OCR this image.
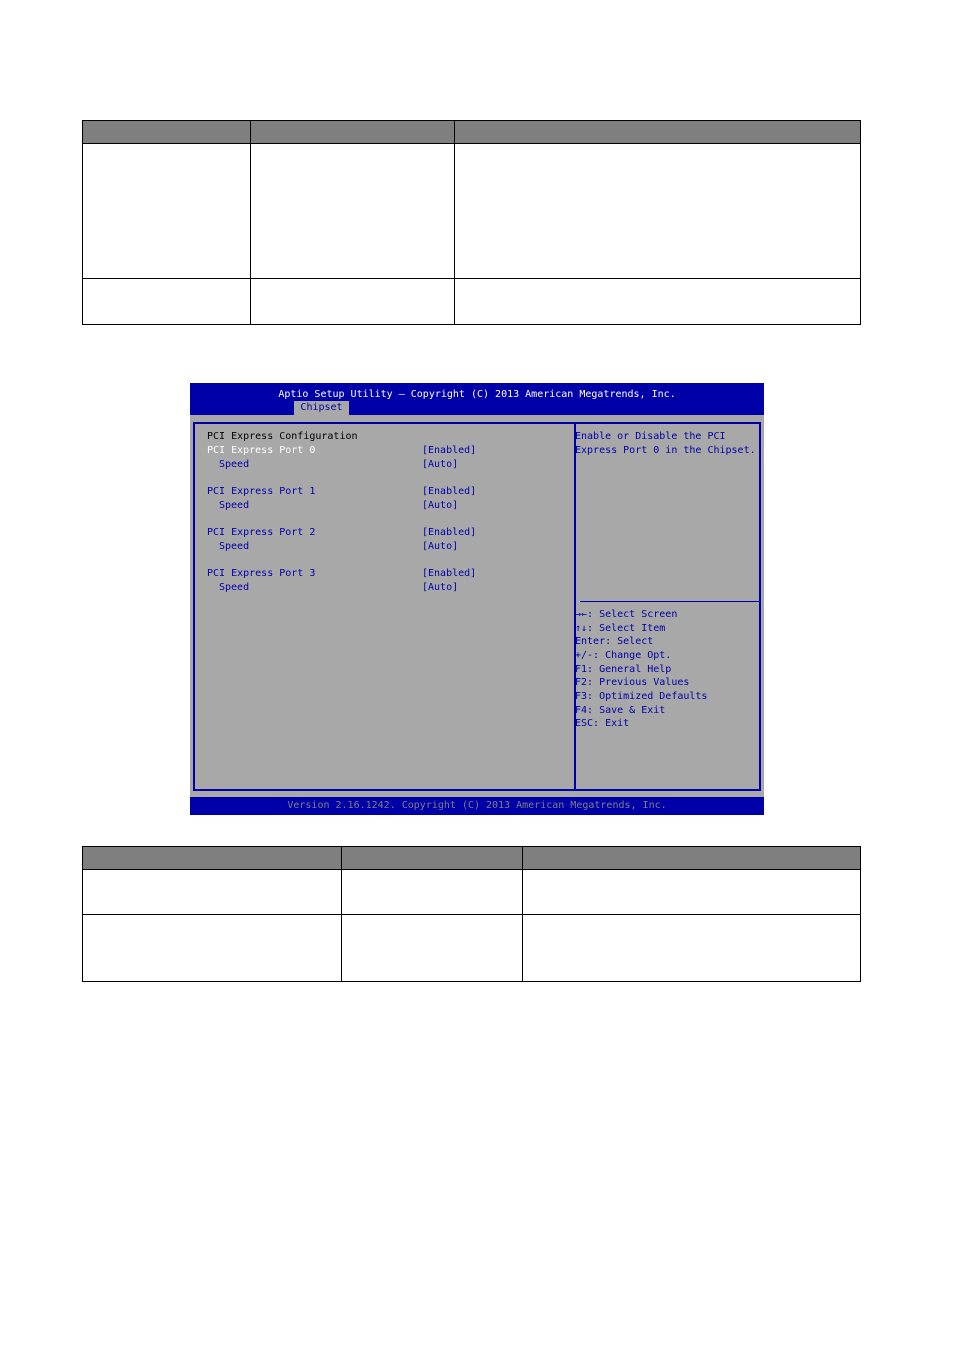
Aptio Setup Utility – Copyright (C) 2013 American Megatrends, Inc.
Chipset
PCI Express Configuration
PCI Express Port 0	[Enabled]
Speed	[Auto]
PCI Express Port 1	[Enabled]
Speed	[Auto]
PCI Express Port 2	[Enabled]
Speed	[Auto]
PCI Express Port 3	[Enabled]
Speed	[Auto]
Enable or Disable the PCI
Express Port 0 in the Chipset.
→←: Select Screen
↑↓: Select Item
Enter: Select
+/-: Change Opt.
F1: General Help
F2: Previous Values
F3: Optimized Defaults
F4: Save & Exit
ESC: Exit
Version 2.16.1242. Copyright (C) 2013 American Megatrends, Inc.
